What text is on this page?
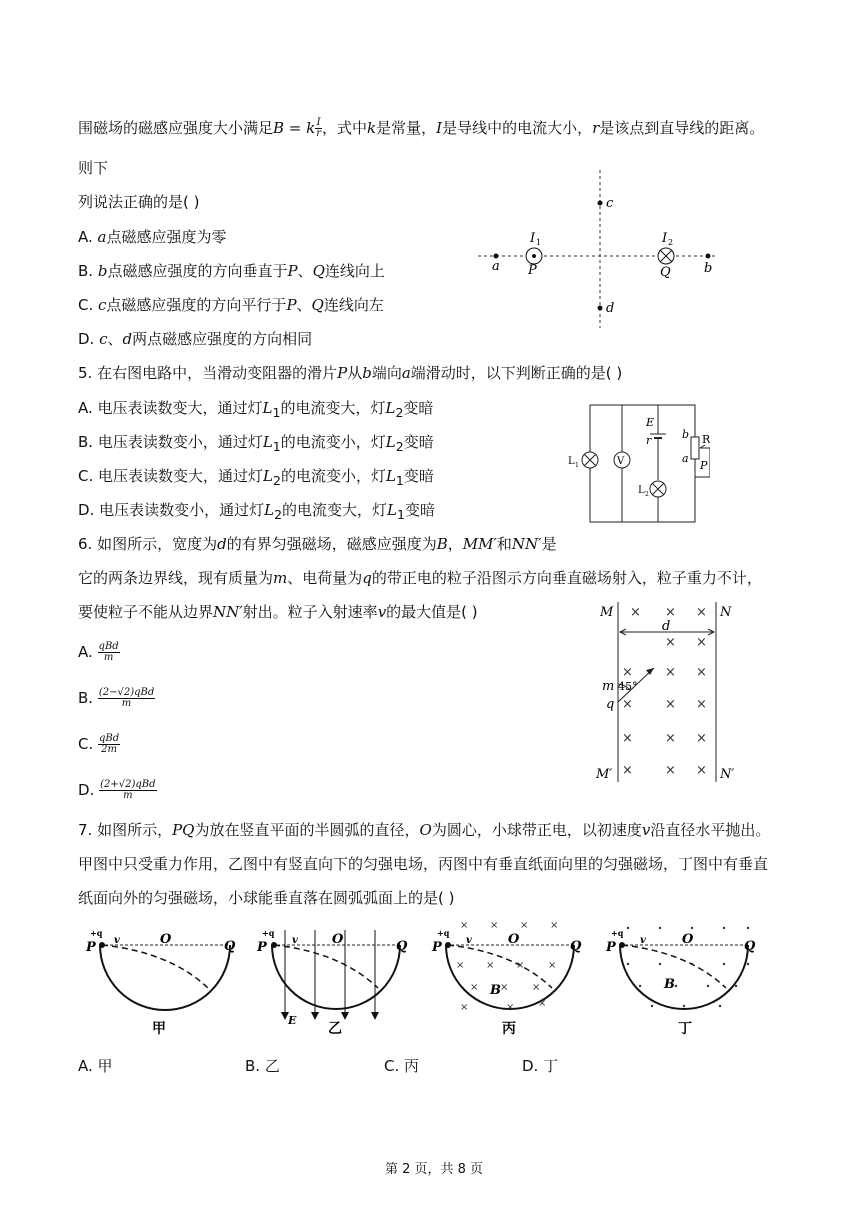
围磁场的磁感应强度大小满足B = k $\frac{I}{r}$ ，式中k是常量，I是导线中的电流大小，r是该点到直导线的距离。
则下
列说法正确的是( )
A. a点磁感应强度为零
B. b点磁感应强度的方向垂直于P、Q连线向上
C. c点磁感应强度的方向平行于P、Q连线向左
D. c、d两点磁感应强度的方向相同
a	b
c
d
P	Q
I 1	I 2
5. 在右图电路中，当滑动变阻器的滑片P从b端向a端滑动时，以下判断正确的是( )
A. 电压表读数变大，通过灯$L_1$的电流变大，灯$L_2$变暗
B. 电压表读数变小，通过灯$L_1$的电流变小，灯$L_2$变暗
C. 电压表读数变大，通过灯$L_2$的电流变小，灯$L_1$变暗
D. 电压表读数变小，通过灯$L_2$的电流变大，灯$L_1$变暗
V
E
r	b
a
R
P
L 1
L 2
6. 如图所示，宽度为d的有界匀强磁场，磁感应强度为B，MM′和NN′是
它的两条边界线，现有质量为m、电荷量为q的带正电的粒子沿图示方向垂直磁场射入，粒子重力不计，
要使粒子不能从边界NN′射出。粒子入射速率v的最大值是( )
A. $\frac{\text{qBd}}{m}$
B. $\frac{\text{(2−√2)qBd}}{m}$
C. $\frac{\text{qBd}}{2m}$
D. $\frac{\text{(2+√2)qBd}}{m}$
M	N
M′	N′
d
× × ×
× ×
× × ×
× × ×
× × ×
× × ×
45°
m
q
7. 如图所示，PQ为放在竖直平面的半圆弧的直径，O为圆心，小球带正电，以初速度v沿直径水平抛出。
甲图中只受重力作用，乙图中有竖直向下的匀强电场，丙图中有垂直纸面向里的匀强磁场，丁图中有垂直
纸面向外的匀强磁场，小球能垂直落在圆弧弧面上的是( )
P
+q
v	O	Q
甲
P
+q
v	O	Q
E
乙
× × × ×
× × × ×
× × ×
×	× ×
P
+q
v	O	Q
B
丙
P
+q
v	O	Q
B
丁
A. 甲	B. 乙	C. 丙	D. 丁
第 2 页，共 8 页
